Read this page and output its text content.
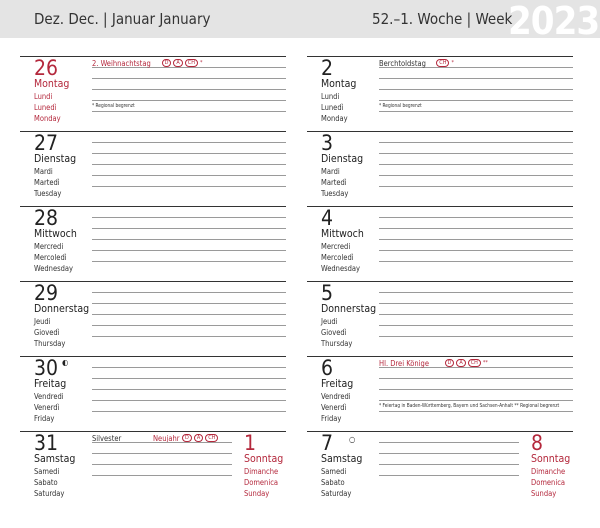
Dez. Dec. | Januar January	52.–1. Woche | Week
2023
26
Montag
Lundi
Lunedì
Monday
2. Weihnachtstag	D A CH *
* Regional begrenzt
27
Dienstag
Mardi
Martedì
Tuesday
28
Mittwoch
Mercredi
Mercoledì
Wednesday
29
Donnerstag
Jeudi
Giovedì
Thursday
30
Freitag
Vendredi
Venerdì
Friday
◐
31
Samstag
Samedi
Sabato
Saturday
Silvester	Neujahr D A CH 1
Sonntag
Dimanche
Domenica
Sunday
2
Montag
Lundi
Lunedì
Monday
Berchtoldstag	CH *
* Regional begrenzt
3
Dienstag
Mardi
Martedì
Tuesday
4
Mittwoch
Mercredi
Mercoledì
Wednesday
5
Donnerstag
Jeudi
Giovedì
Thursday
6
Freitag
Vendredi
Venerdì
Friday
Hl. Drei Könige	D A CH **
* Feiertag in Baden-Württemberg, Bayern und Sachsen-Anhalt ** Regional begrenzt
7
Samstag
Samedi
Sabato
Saturday
○	8
Sonntag
Dimanche
Domenica
Sunday
